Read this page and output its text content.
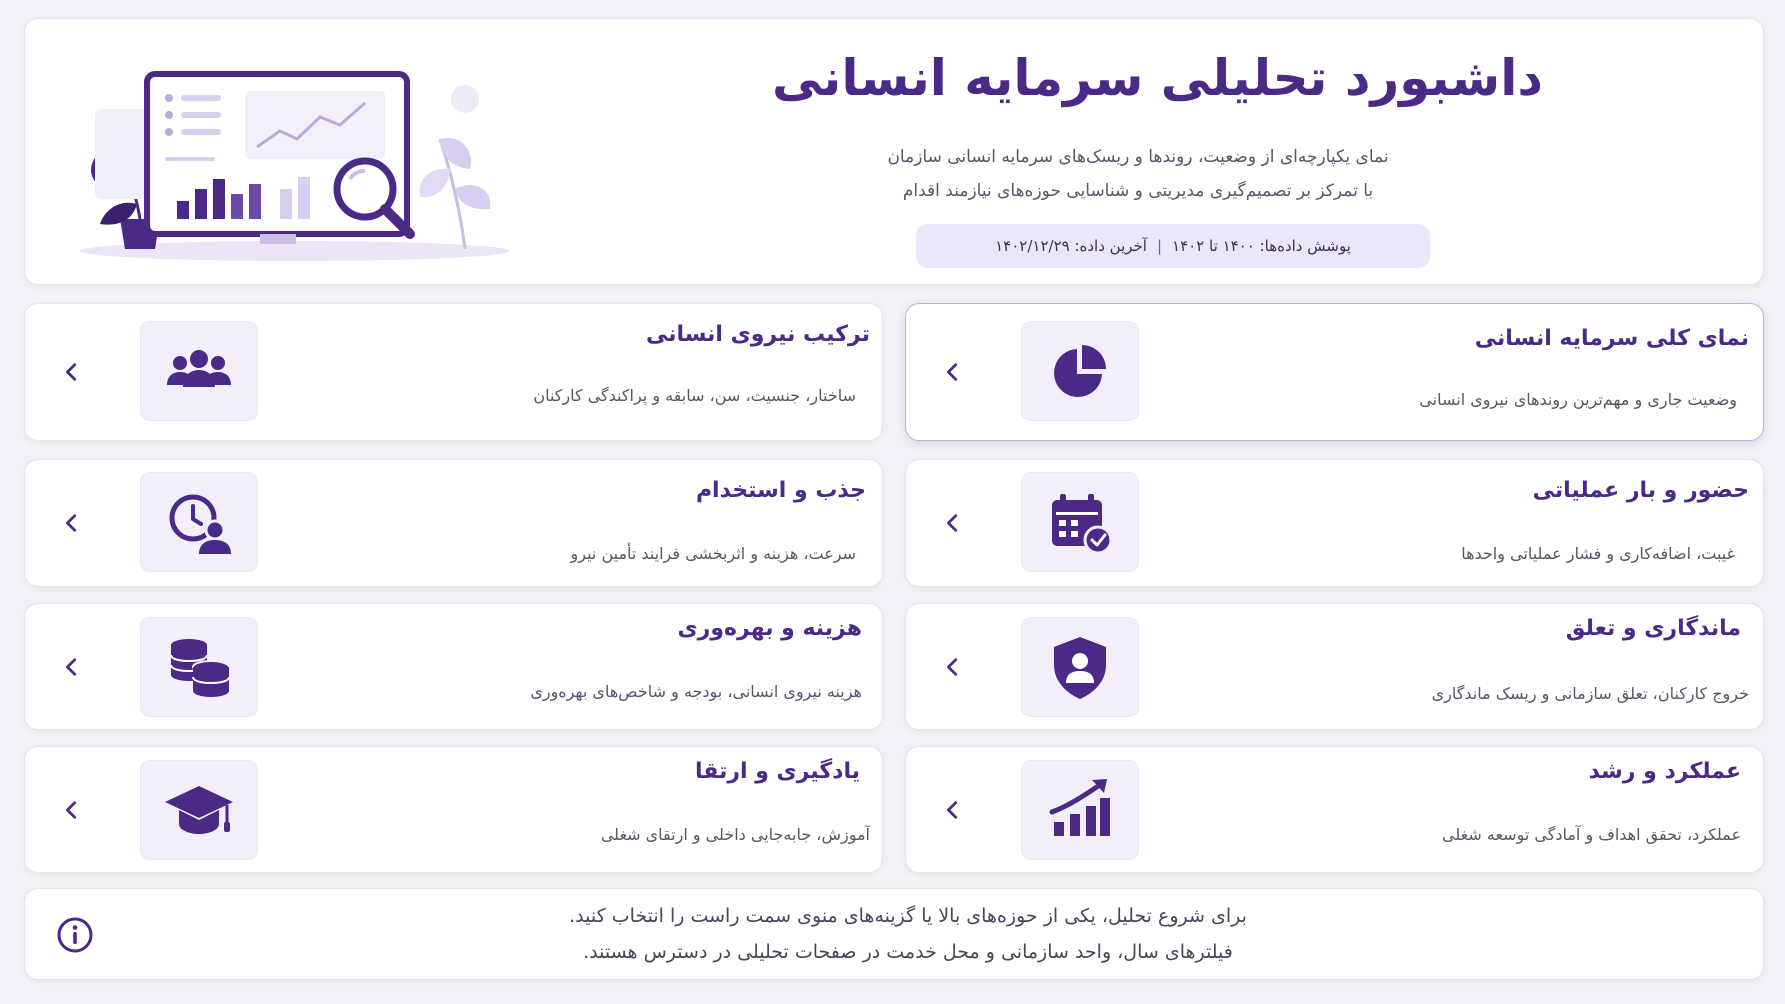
داشبورد تحلیلی سرمایه انسانی
نمای یکپارچه‌ای از وضعیت، روندها و ریسک‌های سرمایه انسانی سازمان
با تمرکز بر تصمیم‌گیری مدیریتی و شناسایی حوزه‌های نیازمند اقدام
پوشش داده‌ها: ۱۴۰۰ تا ۱۴۰۲
|
آخرین داده: ۱۴۰۲/۱۲/۲۹
نمای کلی سرمایه انسانی
وضعیت جاری و مهم‌ترین روندهای نیروی انسانی
ترکیب نیروی انسانی
ساختار، جنسیت، سن، سابقه و پراکندگی کارکنان
حضور و بار عملیاتی
غیبت، اضافه‌کاری و فشار عملیاتی واحدها
جذب و استخدام
سرعت، هزینه و اثربخشی فرایند تأمین نیرو
ماندگاری و تعلق
خروج کارکنان، تعلق سازمانی و ریسک ماندگاری
هزینه و بهره‌وری
هزینه نیروی انسانی، بودجه و شاخص‌های بهره‌وری
عملکرد و رشد
عملکرد، تحقق اهداف و آمادگی توسعه شغلی
یادگیری و ارتقا
آموزش، جابه‌جایی داخلی و ارتقای شغلی
برای شروع تحلیل، یکی از حوزه‌های بالا یا گزینه‌های منوی سمت راست را انتخاب کنید.
فیلترهای سال، واحد سازمانی و محل خدمت در صفحات تحلیلی در دسترس هستند.
